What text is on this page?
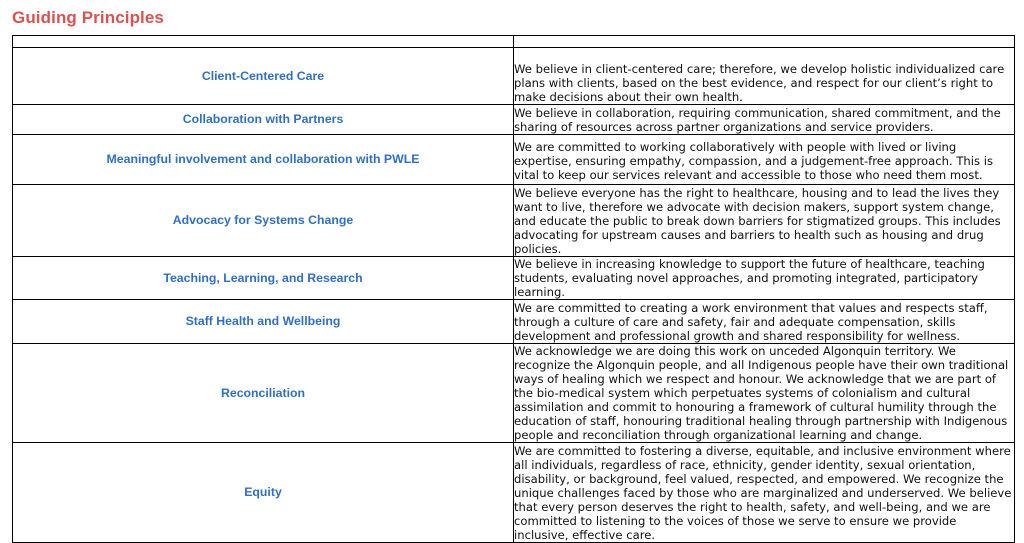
Guiding Principles

Client-Centered Care	We believe in client-centered care; therefore, we develop holistic individualized care plans with clients, based on the best evidence, and respect for our client’s right to make decisions about their own health.
Collaboration with Partners	We believe in collaboration, requiring communication, shared commitment, and the sharing of resources across partner organizations and service providers.
Meaningful involvement and collaboration with PWLE	We are committed to working collaboratively with people with lived or living expertise, ensuring empathy, compassion, and a judgement-free approach. This is vital to keep our services relevant and accessible to those who need them most.
Advocacy for Systems Change	We believe everyone has the right to healthcare, housing and to lead the lives they want to live, therefore we advocate with decision makers, support system change, and educate the public to break down barriers for stigmatized groups. This includes advocating for upstream causes and barriers to health such as housing and drug policies.
Teaching, Learning, and Research	We believe in increasing knowledge to support the future of healthcare, teaching students, evaluating novel approaches, and promoting integrated, participatory learning.
Staff Health and Wellbeing	We are committed to creating a work environment that values and respects staff, through a culture of care and safety, fair and adequate compensation, skills development and professional growth and shared responsibility for wellness.
Reconciliation	We acknowledge we are doing this work on unceded Algonquin territory. We recognize the Algonquin people, and all Indigenous people have their own traditional ways of healing which we respect and honour. We acknowledge that we are part of the bio-medical system which perpetuates systems of colonialism and cultural assimilation and commit to honouring a framework of cultural humility through the education of staff, honouring traditional healing through partnership with Indigenous people and reconciliation through organizational learning and change.
Equity	We are committed to fostering a diverse, equitable, and inclusive environment where all individuals, regardless of race, ethnicity, gender identity, sexual orientation, disability, or background, feel valued, respected, and empowered. We recognize the unique challenges faced by those who are marginalized and underserved. We believe that every person deserves the right to health, safety, and well-being, and we are committed to listening to the voices of those we serve to ensure we provide inclusive, effective care.
